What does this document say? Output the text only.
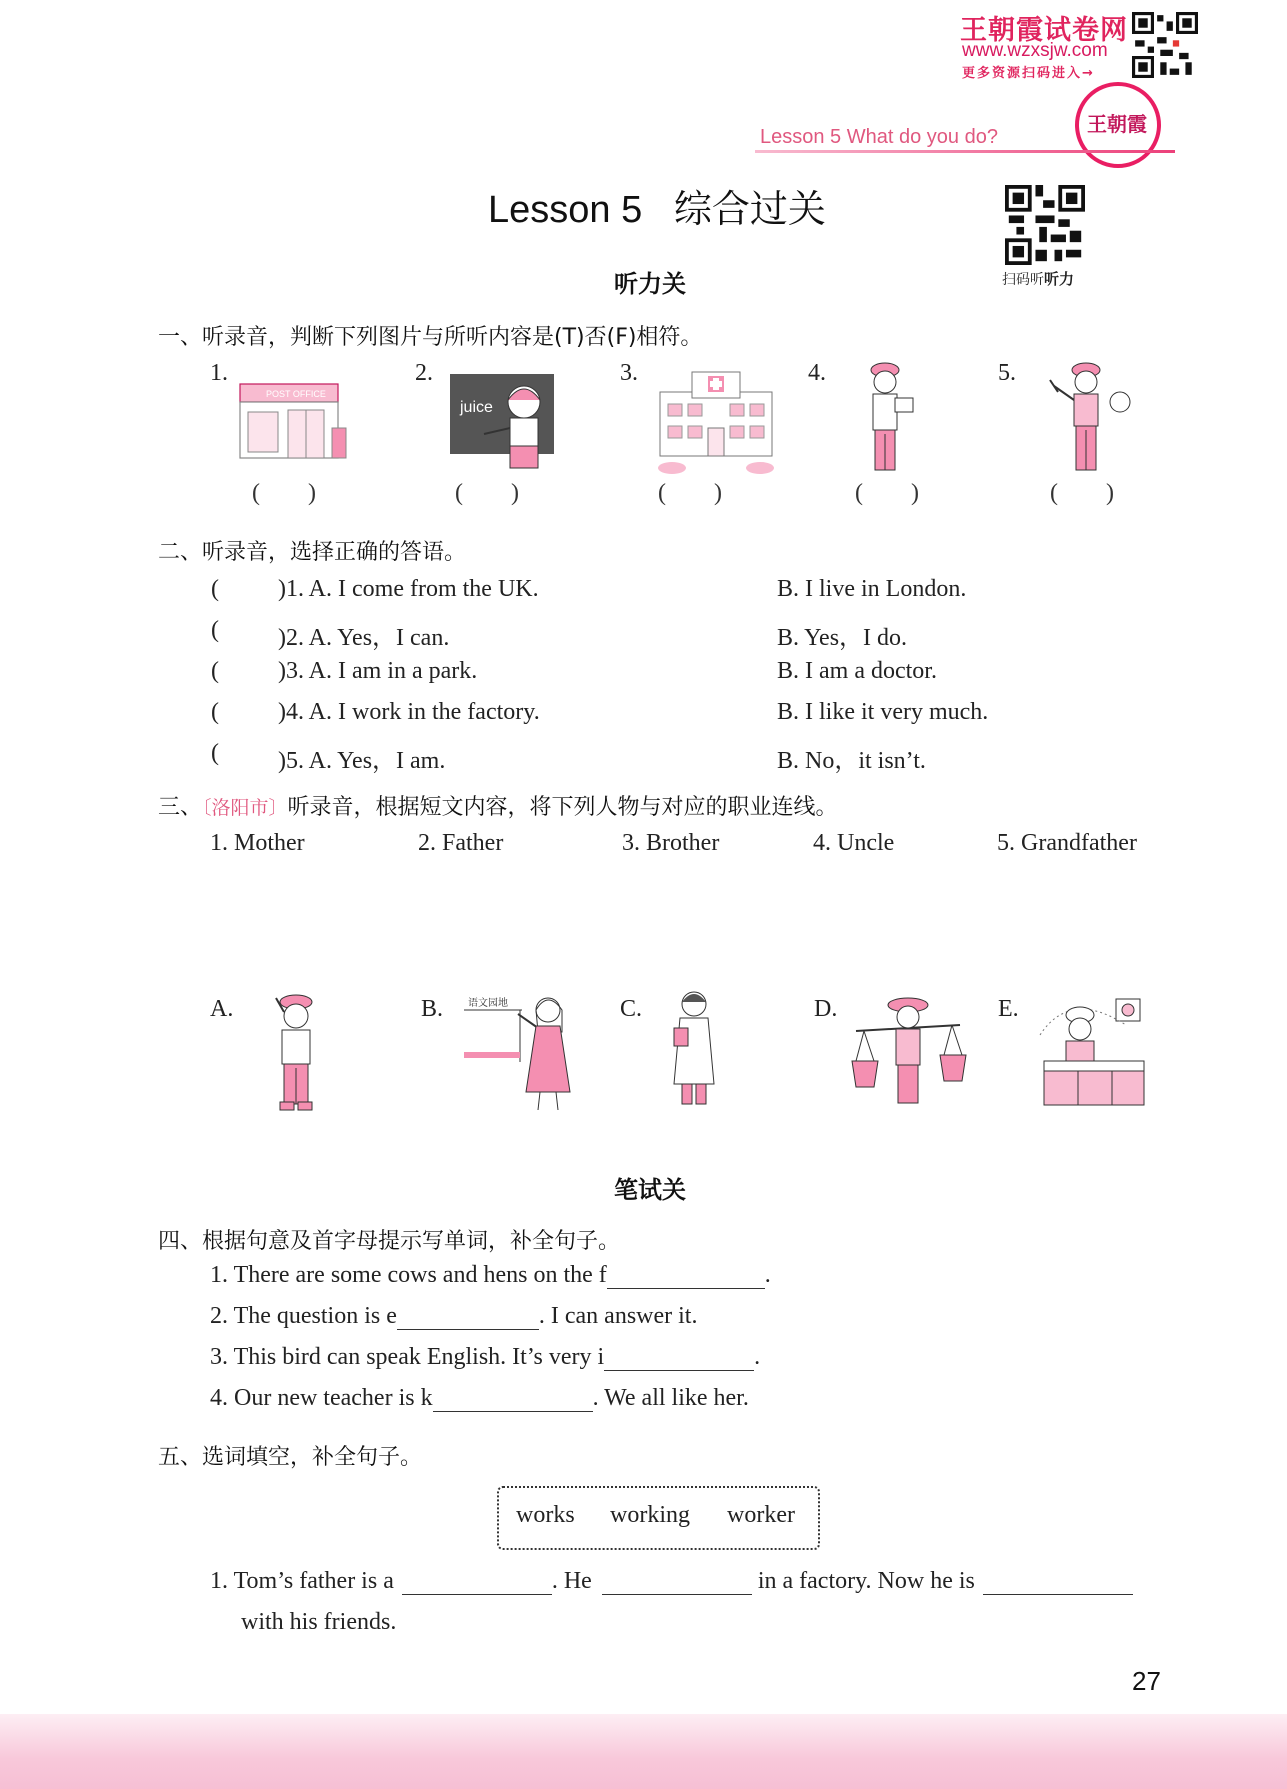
王朝霞试卷网
www.wzxsjw.com
更多资源扫码进入→
王朝霞
Lesson 5 What do you do?
Lesson 5   综合过关
扫码听听力
听力关
一、听录音，判断下列图片与所听内容是(T)否(F)相符。
1.	2.	3.	4.	5.
POST OFFICE
juice
(        )	(        )	(        )	(        )	(        )
二、听录音，选择正确的答语。
( )1. A. I come from the UK.	B. I live in London.
( )2. A. Yes，I can.	B. Yes，I do.
( )3. A. I am in a park.	B. I am a doctor.
( )4. A. I work in the factory.	B. I like it very much.
( )5. A. Yes，I am.	B. No，it isn’t.
三、〔洛阳市〕听录音，根据短文内容，将下列人物与对应的职业连线。
1. Mother	2. Father	3. Brother	4. Uncle	5. Grandfather
A.	B.	C.	D.	E.
语文园地
笔试关
四、根据句意及首字母提示写单词，补全句子。
1. There are some cows and hens on the f	.
2. The question is e	. I can answer it.
3. This bird can speak English. It’s very i	.
4. Our new teacher is k	. We all like her.
五、选词填空，补全句子。
works working worker
1. Tom’s father is a	. He	in a factory. Now he is
with his friends.
27
